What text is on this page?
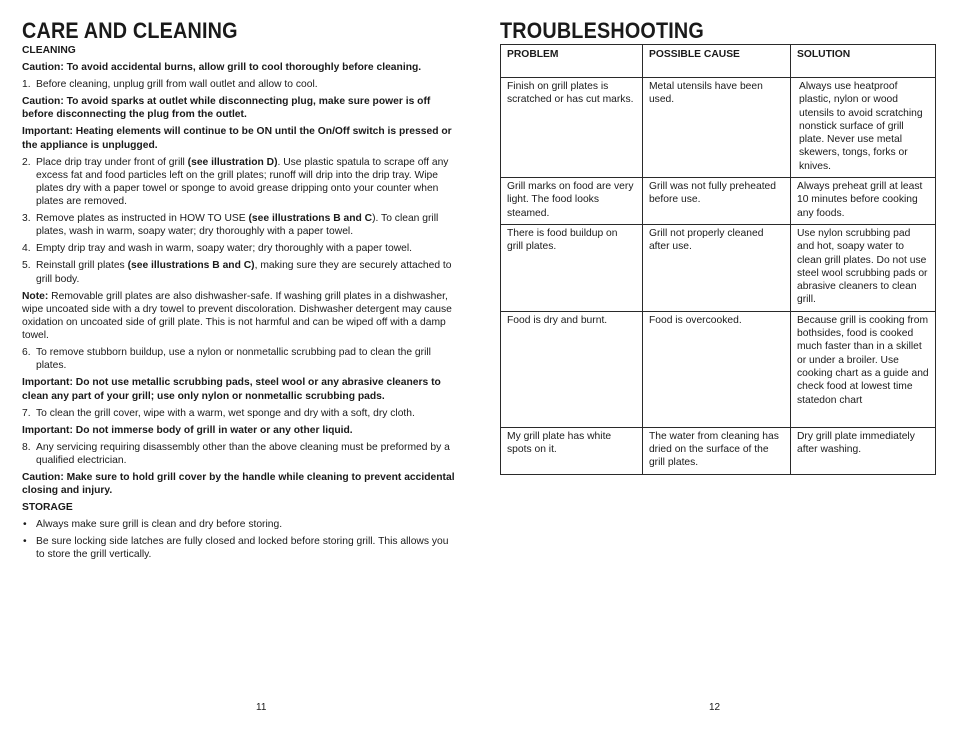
CARE AND CLEANING

CLEANING

Caution: To avoid accidental burns, allow grill to cool thoroughly before cleaning.

1. Before cleaning, unplug grill from wall outlet and allow to cool.

Caution: To avoid sparks at outlet while disconnecting plug, make sure power is off before disconnecting the plug from the outlet.

Important: Heating elements will continue to be ON until the On/Off switch is pressed or the appliance is unplugged.

2. Place drip tray under front of grill (see illustration D). Use plastic spatula to scrape off any excess fat and food particles left on the grill plates; runoff will drip into the drip tray. Wipe plates dry with a paper towel or sponge to avoid grease dripping onto your counter when plates are removed.
3. Remove plates as instructed in HOW TO USE (see illustrations B and C). To clean grill plates, wash in warm, soapy water; dry thoroughly with a paper towel.
4. Empty drip tray and wash in warm, soapy water; dry thoroughly with a paper towel.
5. Reinstall grill plates (see illustrations B and C), making sure they are securely attached to grill body.

Note: Removable grill plates are also dishwasher-safe. If washing grill plates in a dishwasher, wipe uncoated side with a dry towel to prevent discoloration. Dishwasher detergent may cause oxidation on uncoated side of grill plate. This is not harmful and can be wiped off with a damp towel.

6. To remove stubborn buildup, use a nylon or nonmetallic scrubbing pad to clean the grill plates.

Important: Do not use metallic scrubbing pads, steel wool or any abrasive cleaners to clean any part of your grill; use only nylon or nonmetallic scrubbing pads.

7. To clean the grill cover, wipe with a warm, wet sponge and dry with a soft, dry cloth.

Important: Do not immerse body of grill in water or any other liquid.

8. Any servicing requiring disassembly other than the above cleaning must be preformed by a qualified electrician.

Caution: Make sure to hold grill cover by the handle while cleaning to prevent accidental closing and injury.

STORAGE

• Always make sure grill is clean and dry before storing.
• Be sure locking side latches are fully closed and locked before storing grill. This allows you to store the grill vertically.
11
TROUBLESHOOTING
PROBLEM	POSSIBLE CAUSE	SOLUTION
Finish on grill plates is scratched or has cut marks.	Metal utensils have been used.	Always use heatproof plastic, nylon or wood utensils to avoid scratching nonstick surface of grill plate. Never use metal skewers, tongs, forks or knives.
Grill marks on food are very light. The food looks steamed.	Grill was not fully preheated before use.	Always preheat grill at least 10 minutes before cooking any foods.
There is food buildup on grill plates.	Grill not properly cleaned after use.	Use nylon scrubbing pad and hot, soapy water to clean grill plates. Do not use steel wool scrubbing pads or abrasive cleaners to clean grill.
Food is dry and burnt.	Food is overcooked.	Because grill is cooking from bothsides, food is cooked much faster than in a skillet or under a broiler. Use cooking chart as a guide and check food at lowest time statedon chart
My grill plate has white spots on it.	The water from cleaning has dried on the surface of the grill plates.	Dry grill plate immediately after washing.
12
